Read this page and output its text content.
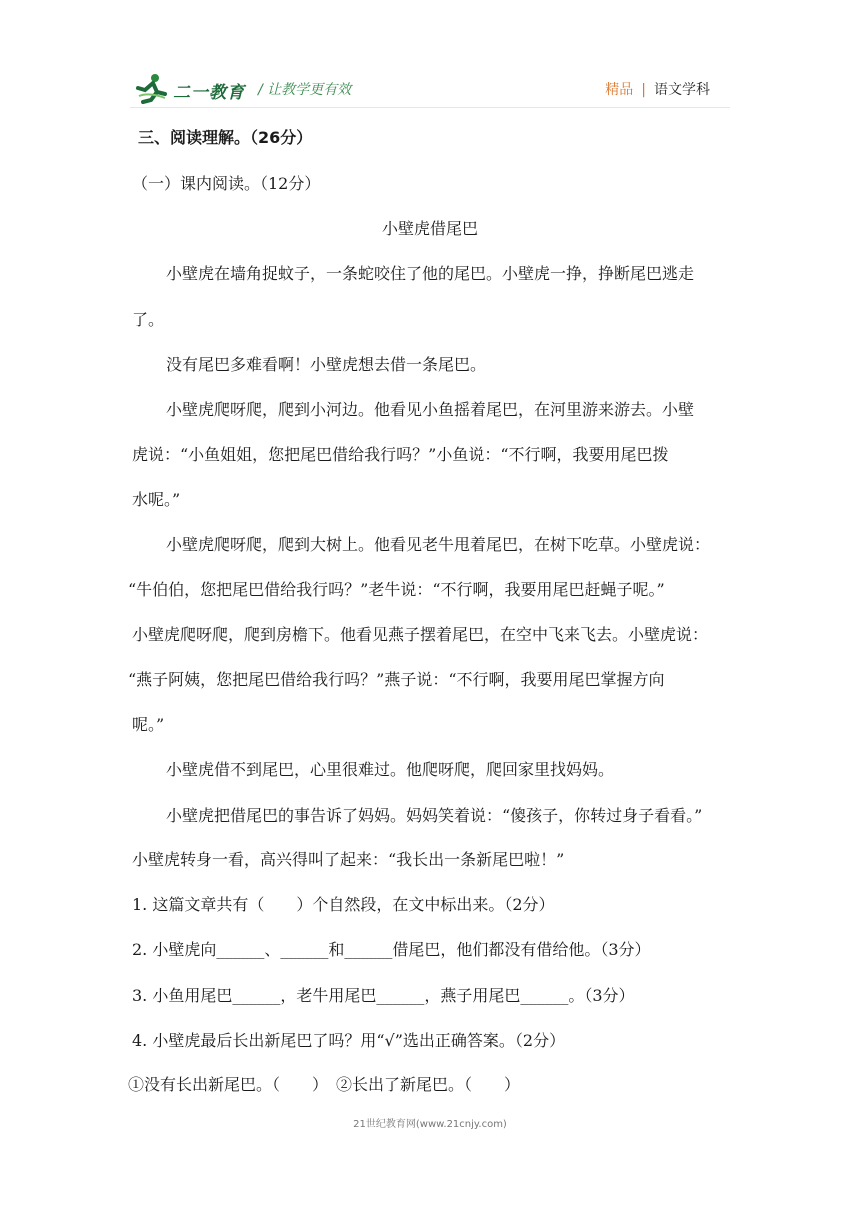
二一教育 / 让教学更有效	精品 | 语文学科
三、阅读理解。（26分）
（一）课内阅读。（12分）
小壁虎借尾巴
小壁虎在墙角捉蚊子，一条蛇咬住了他的尾巴。小壁虎一挣，挣断尾巴逃走
了。
没有尾巴多难看啊！小壁虎想去借一条尾巴。
小壁虎爬呀爬，爬到小河边。他看见小鱼摇着尾巴，在河里游来游去。小壁
虎说：“小鱼姐姐，您把尾巴借给我行吗？”小鱼说：“不行啊，我要用尾巴拨
水呢。”
小壁虎爬呀爬，爬到大树上。他看见老牛甩着尾巴，在树下吃草。小壁虎说：
“牛伯伯，您把尾巴借给我行吗？”老牛说：“不行啊，我要用尾巴赶蝇子呢。”
小壁虎爬呀爬，爬到房檐下。他看见燕子摆着尾巴，在空中飞来飞去。小壁虎说：
“燕子阿姨，您把尾巴借给我行吗？”燕子说：“不行啊，我要用尾巴掌握方向
呢。”
小壁虎借不到尾巴，心里很难过。他爬呀爬，爬回家里找妈妈。
小壁虎把借尾巴的事告诉了妈妈。妈妈笑着说：“傻孩子，你转过身子看看。”
小壁虎转身一看，高兴得叫了起来：“我长出一条新尾巴啦！”
1. 这篇文章共有（　　）个自然段，在文中标出来。（2分）
2. 小壁虎向______、______和______借尾巴，他们都没有借给他。（3分）
3. 小鱼用尾巴______，老牛用尾巴______，燕子用尾巴______。（3分）
4. 小壁虎最后长出新尾巴了吗？用“√”选出正确答案。（2分）
①没有长出新尾巴。（　　）　②长出了新尾巴。（　　）
21世纪教育网(www.21cnjy.com)
